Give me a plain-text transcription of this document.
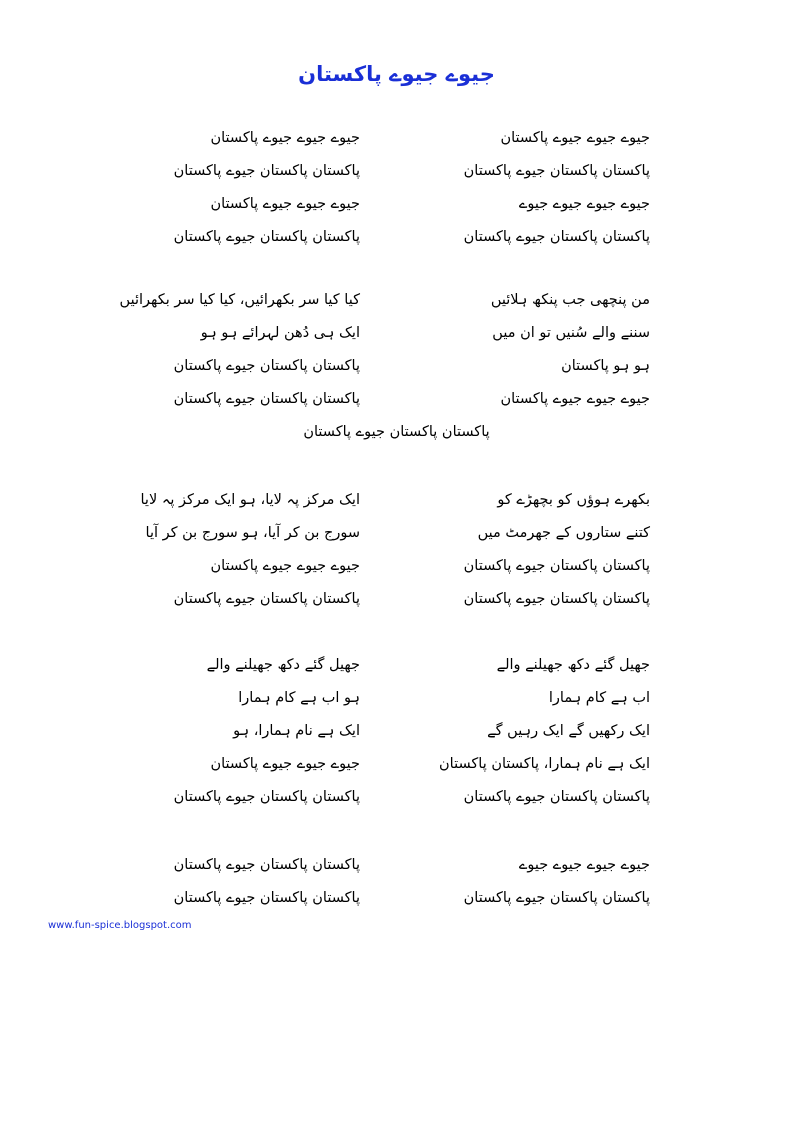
جیوے جیوے پاکستان
جیوے جیوے جیوے پاکستان
جیوے جیوے جیوے پاکستان
پاکستان پاکستان جیوے پاکستان
پاکستان پاکستان جیوے پاکستان
جیوے جیوے جیوے جیوے
جیوے جیوے جیوے پاکستان
پاکستان پاکستان جیوے پاکستان
پاکستان پاکستان جیوے پاکستان
من پنچھی جب پنکھ ہلائیں
کیا کیا سر بکھرائیں، کیا کیا سر بکھرائیں
سننے والے سُنیں تو ان میں
ایک ہی دُھن لہرائے ہو ہو
ہو ہو پاکستان
پاکستان پاکستان جیوے پاکستان
جیوے جیوے جیوے پاکستان
پاکستان پاکستان جیوے پاکستان
پاکستان پاکستان جیوے پاکستان
بکھرے ہوؤں کو بچھڑے کو
ایک مرکز پہ لایا، ہو ایک مرکز پہ لایا
کتنے ستاروں کے جھرمٹ میں
سورج بن کر آیا، ہو سورج بن کر آیا
پاکستان پاکستان جیوے پاکستان
جیوے جیوے جیوے پاکستان
پاکستان پاکستان جیوے پاکستان
پاکستان پاکستان جیوے پاکستان
جھیل گئے دکھ جھیلنے والے
جھیل گئے دکھ جھیلنے والے
اب ہے کام ہمارا
ہو اب ہے کام ہمارا
ایک رکھیں گے ایک رہیں گے
ایک ہے نام ہمارا، ہو
ایک ہے نام ہمارا، پاکستان پاکستان
جیوے جیوے جیوے پاکستان
پاکستان پاکستان جیوے پاکستان
پاکستان پاکستان جیوے پاکستان
جیوے جیوے جیوے جیوے
پاکستان پاکستان جیوے پاکستان
پاکستان پاکستان جیوے پاکستان
پاکستان پاکستان جیوے پاکستان
www.fun-spice.blogspot.com
